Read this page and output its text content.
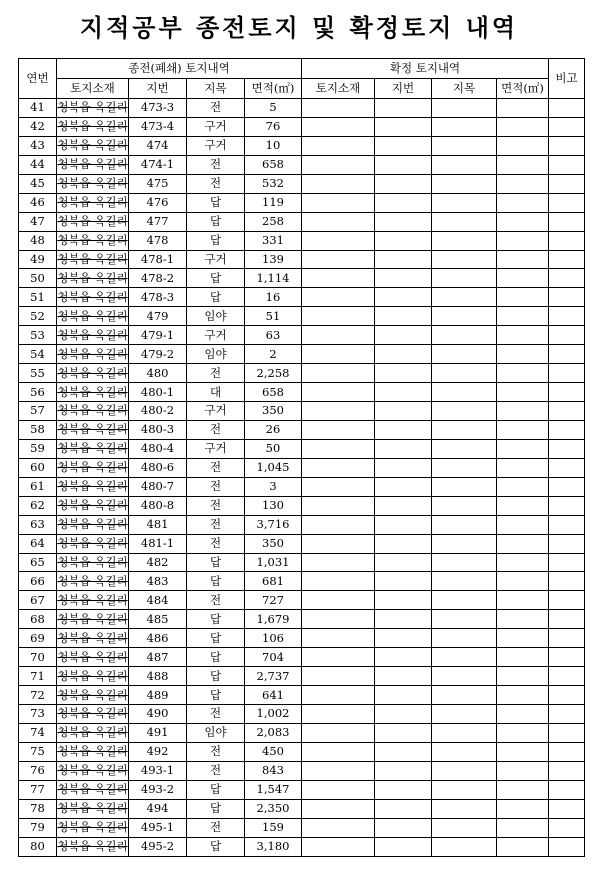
지적공부 종전토지 및 확정토지 내역
연번	종전(폐쇄) 토지내역				확정 토지내역				비고
	토지소재	지번	지목	면적(㎡)	토지소재	지번	지목	면적(㎡)	
41	청북읍 옥길리	473-3	전	5					
42	청북읍 옥길리	473-4	구거	76					
43	청북읍 옥길리	474	구거	10					
44	청북읍 옥길리	474-1	전	658					
45	청북읍 옥길리	475	전	532					
46	청북읍 옥길리	476	답	119					
47	청북읍 옥길리	477	답	258					
48	청북읍 옥길리	478	답	331					
49	청북읍 옥길리	478-1	구거	139					
50	청북읍 옥길리	478-2	답	1,114					
51	청북읍 옥길리	478-3	답	16					
52	청북읍 옥길리	479	임야	51					
53	청북읍 옥길리	479-1	구거	63					
54	청북읍 옥길리	479-2	임야	2					
55	청북읍 옥길리	480	전	2,258					
56	청북읍 옥길리	480-1	대	658					
57	청북읍 옥길리	480-2	구거	350					
58	청북읍 옥길리	480-3	전	26					
59	청북읍 옥길리	480-4	구거	50					
60	청북읍 옥길리	480-6	전	1,045					
61	청북읍 옥길리	480-7	전	3					
62	청북읍 옥길리	480-8	전	130					
63	청북읍 옥길리	481	전	3,716					
64	청북읍 옥길리	481-1	전	350					
65	청북읍 옥길리	482	답	1,031					
66	청북읍 옥길리	483	답	681					
67	청북읍 옥길리	484	전	727					
68	청북읍 옥길리	485	답	1,679					
69	청북읍 옥길리	486	답	106					
70	청북읍 옥길리	487	답	704					
71	청북읍 옥길리	488	답	2,737					
72	청북읍 옥길리	489	답	641					
73	청북읍 옥길리	490	전	1,002					
74	청북읍 옥길리	491	임야	2,083					
75	청북읍 옥길리	492	전	450					
76	청북읍 옥길리	493-1	전	843					
77	청북읍 옥길리	493-2	답	1,547					
78	청북읍 옥길리	494	답	2,350					
79	청북읍 옥길리	495-1	전	159					
80	청북읍 옥길리	495-2	답	3,180					
